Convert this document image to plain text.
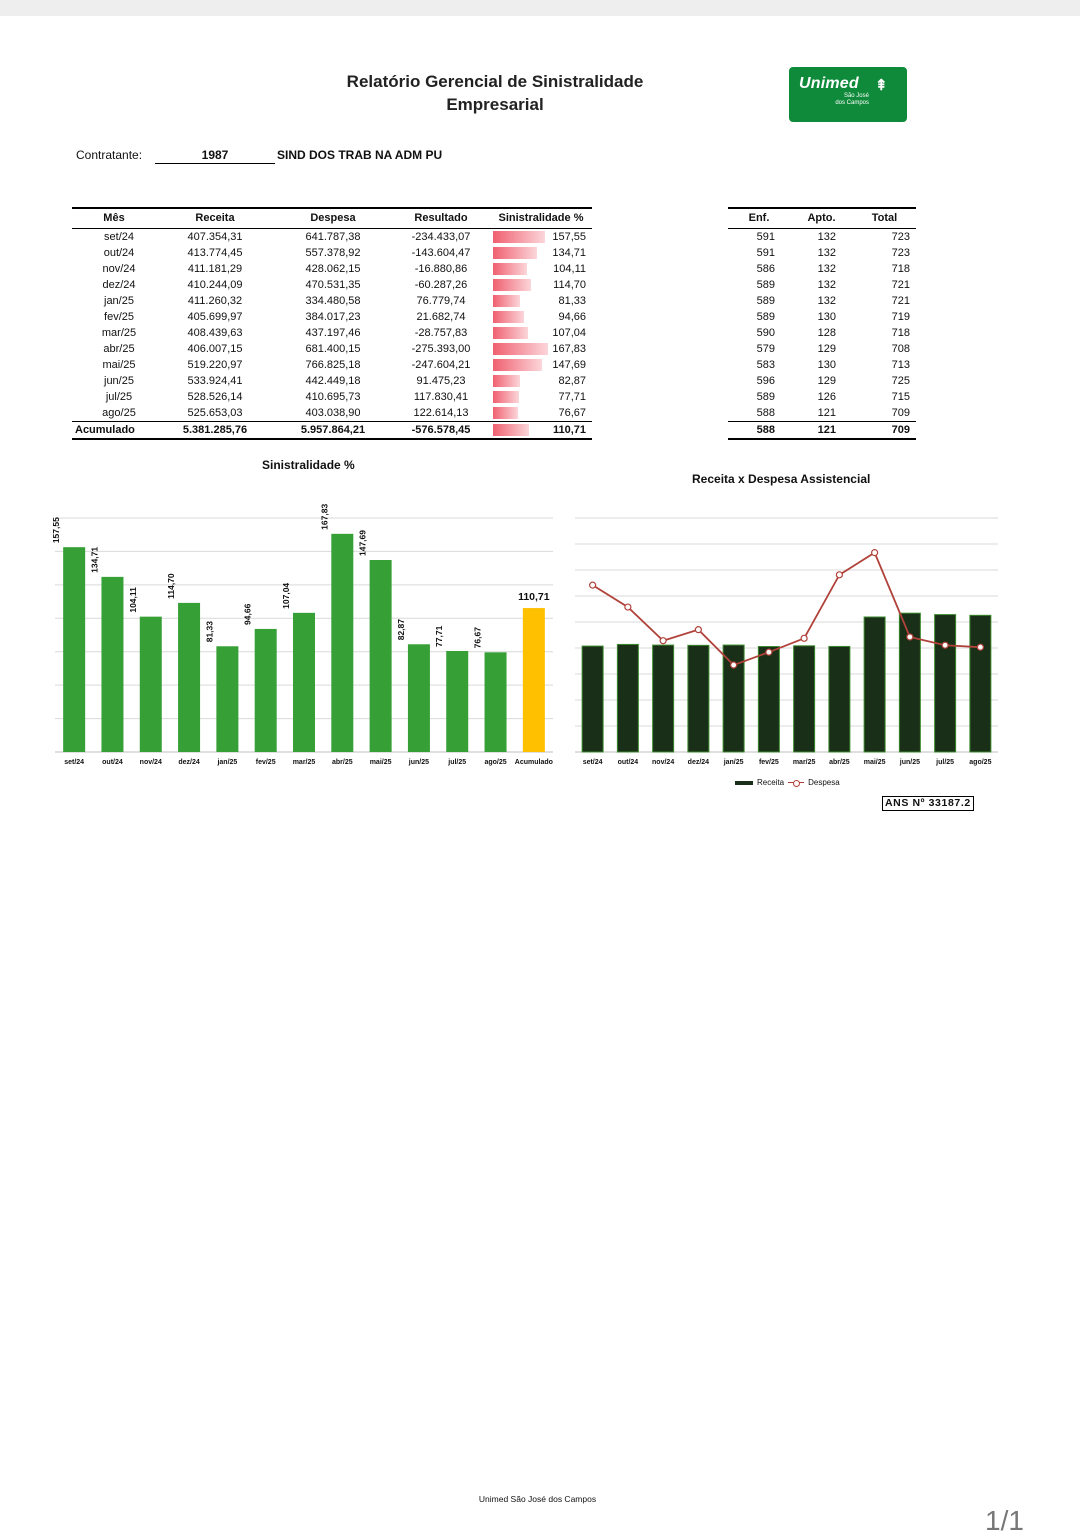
Relatório Gerencial de Sinistralidade
Empresarial
Unimed ⇞
São José
dos Campos
Contratante:	1987	SIND DOS TRAB NA ADM PU
Mês	Receita	Despesa	Resultado	Sinistralidade %
set/24	407.354,31	641.787,38	-234.433,07	157,55
out/24	413.774,45	557.378,92	-143.604,47	134,71
nov/24	411.181,29	428.062,15	-16.880,86	104,11
dez/24	410.244,09	470.531,35	-60.287,26	114,70
jan/25	411.260,32	334.480,58	76.779,74	81,33
fev/25	405.699,97	384.017,23	21.682,74	94,66
mar/25	408.439,63	437.197,46	-28.757,83	107,04
abr/25	406.007,15	681.400,15	-275.393,00	167,83
mai/25	519.220,97	766.825,18	-247.604,21	147,69
jun/25	533.924,41	442.449,18	91.475,23	82,87
jul/25	528.526,14	410.695,73	117.830,41	77,71
ago/25	525.653,03	403.038,90	122.614,13	76,67
Acumulado	5.381.285,76	5.957.864,21	-576.578,45	110,71
Enf.	Apto.	Total
591	132	723
591	132	723
586	132	718
589	132	721
589	132	721
589	130	719
590	128	718
579	129	708
583	130	713
596	129	725
589	126	715
588	121	709
588	121	709
Sinistralidade %
Receita x Despesa Assistencial
157,55
set/24
134,71
out/24
104,11
nov/24
114,70
dez/24
81,33
jan/25
94,66
fev/25
107,04
mar/25
167,83
abr/25
147,69
mai/25
82,87
jun/25
77,71
jul/25
76,67
ago/25
110,71
Acumulado	set/24 out/24 nov/24 dez/24 jan/25 fev/25 mar/25 abr/25 mai/25 jun/25 jul/25 ago/25
Receita	Despesa
ANS Nº 33187.2
Unimed São José dos Campos
1/1
